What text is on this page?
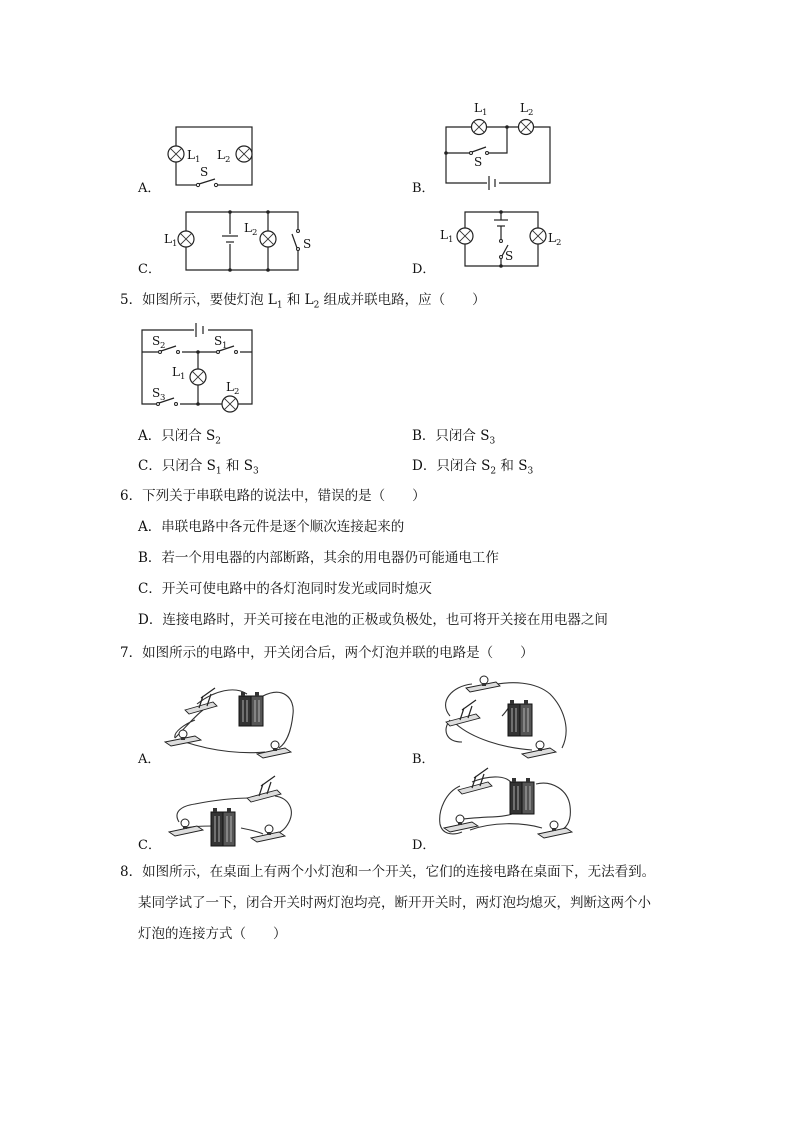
L 1 L 2
S
A．
L 1	L 2
S
B．
L 1
L 2
S
C．
L 1	L 2
S
D．
5．如图所示，要使灯泡 $L_1$ 和 $L_2$ 组成并联电路，应（　　）
S 2	S 1
L 1
S 3
L 2
A．只闭合 $S_2$	B．只闭合 $S_3$
C．只闭合 $S_1$ 和 $S_3$	D．只闭合 $S_2$ 和 $S_3$
6．下列关于串联电路的说法中，错误的是（　　）
A．串联电路中各元件是逐个顺次连接起来的
B．若一个用电器的内部断路，其余的用电器仍可能通电工作
C．开关可使电路中的各灯泡同时发光或同时熄灭
D．连接电路时，开关可接在电池的正极或负极处，也可将开关接在用电器之间
7．如图所示的电路中，开关闭合后，两个灯泡并联的电路是（　　）
A．	B．
C．	D．
8．如图所示，在桌面上有两个小灯泡和一个开关，它们的连接电路在桌面下，无法看到。
某同学试了一下，闭合开关时两灯泡均亮，断开开关时，两灯泡均熄灭，判断这两个小
灯泡的连接方式（　　）
